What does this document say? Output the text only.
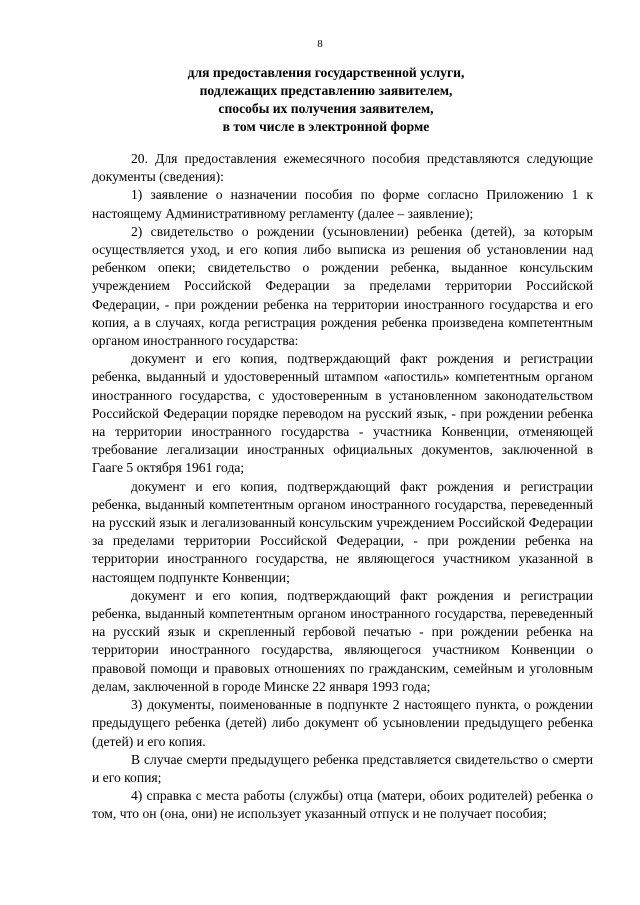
8
для предоставления государственной услуги,
подлежащих представлению заявителем,
способы их получения заявителем,
в том числе в электронной форме

20. Для предоставления ежемесячного пособия представляются следующие документы (сведения):

1) заявление о назначении пособия по форме согласно Приложению 1 к настоящему Административному регламенту (далее – заявление);

2) свидетельство о рождении (усыновлении) ребенка (детей), за которым осуществляется уход, и его копия либо выписка из решения об установлении над ребенком опеки; свидетельство о рождении ребенка, выданное консульским учреждением Российской Федерации за пределами территории Российской Федерации, - при рождении ребенка на территории иностранного государства и его копия, а в случаях, когда регистрация рождения ребенка произведена компетентным органом иностранного государства:

документ и его копия, подтверждающий факт рождения и регистрации ребенка, выданный и удостоверенный штампом «апостиль» компетентным органом иностранного государства, с удостоверенным в установленном законодательством Российской Федерации порядке переводом на русский язык, - при рождении ребенка на территории иностранного государства - участника Конвенции, отменяющей требование легализации иностранных официальных документов, заключенной в Гааге 5 октября 1961 года;

документ и его копия, подтверждающий факт рождения и регистрации ребенка, выданный компетентным органом иностранного государства, переведенный на русский язык и легализованный консульским учреждением Российской Федерации за пределами территории Российской Федерации, - при рождении ребенка на территории иностранного государства, не являющегося участником указанной в настоящем подпункте Конвенции;

документ и его копия, подтверждающий факт рождения и регистрации ребенка, выданный компетентным органом иностранного государства, переведенный на русский язык и скрепленный гербовой печатью - при рождении ребенка на территории иностранного государства, являющегося участником Конвенции о правовой помощи и правовых отношениях по гражданским, семейным и уголовным делам, заключенной в городе Минске 22 января 1993 года;

3) документы, поименованные в подпункте 2 настоящего пункта, о рождении предыдущего ребенка (детей) либо документ об усыновлении предыдущего ребенка (детей) и его копия.

В случае смерти предыдущего ребенка представляется свидетельство о смерти и его копия;

4) справка с места работы (службы) отца (матери, обоих родителей) ребенка о том, что он (она, они) не использует указанный отпуск и не получает пособия;
